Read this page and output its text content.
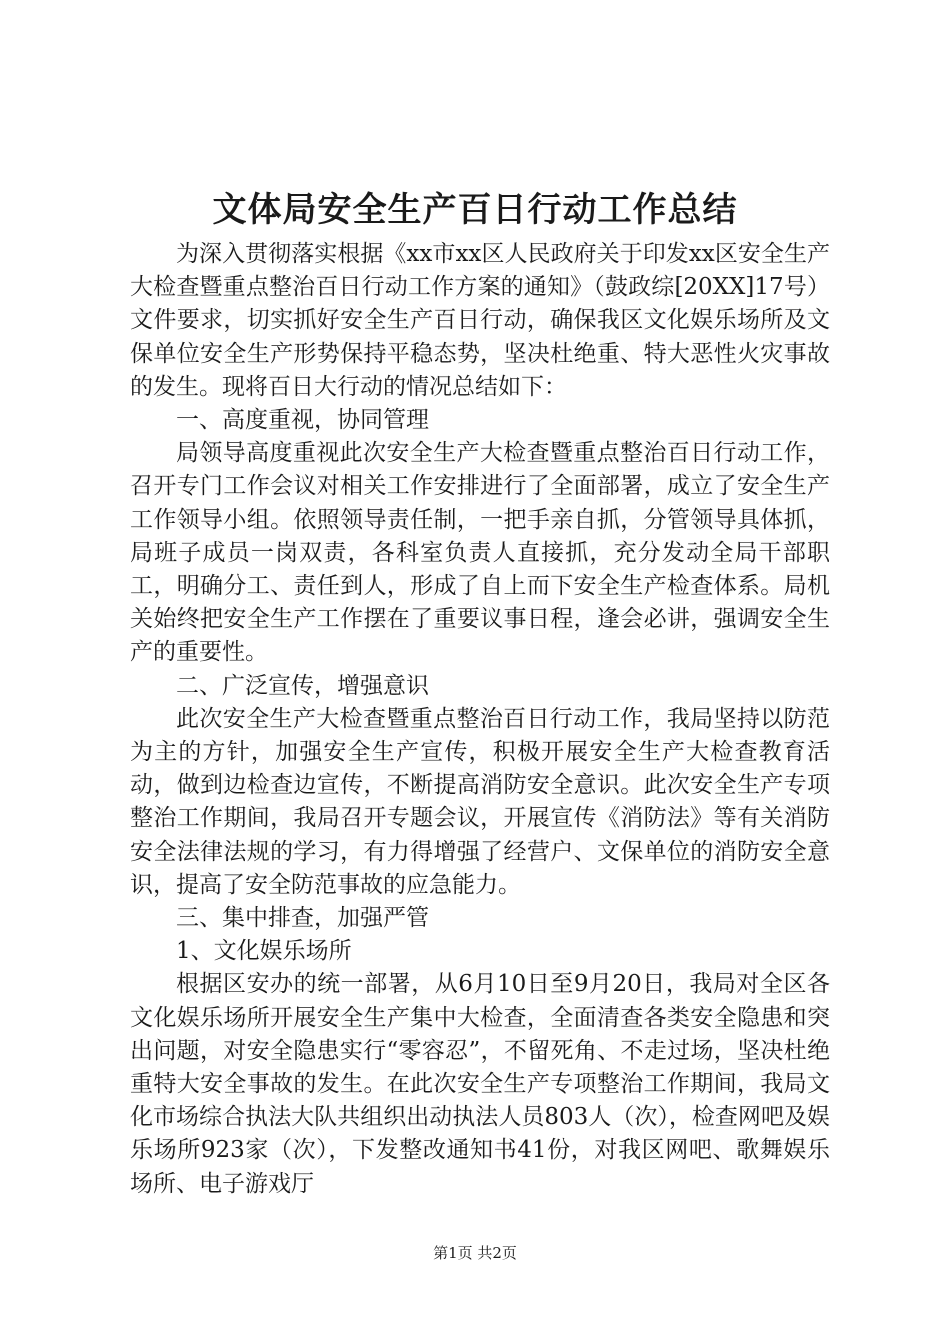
文体局安全生产百日行动工作总结

为深入贯彻落实根据《xx市xx区人民政府关于印发xx区安全生产大检查暨重点整治百日行动工作方案的通知》（鼓政综[20XX]17号）文件要求，切实抓好安全生产百日行动，确保我区文化娱乐场所及文保单位安全生产形势保持平稳态势，坚决杜绝重、特大恶性火灾事故的发生。现将百日大行动的情况总结如下：

一、高度重视，协同管理

局领导高度重视此次安全生产大检查暨重点整治百日行动工作，召开专门工作会议对相关工作安排进行了全面部署，成立了安全生产工作领导小组。依照领导责任制，一把手亲自抓，分管领导具体抓，局班子成员一岗双责，各科室负责人直接抓，充分发动全局干部职工，明确分工、责任到人，形成了自上而下安全生产检查体系。局机关始终把安全生产工作摆在了重要议事日程，逢会必讲，强调安全生产的重要性。

二、广泛宣传，增强意识

此次安全生产大检查暨重点整治百日行动工作，我局坚持以防范为主的方针，加强安全生产宣传，积极开展安全生产大检查教育活动，做到边检查边宣传，不断提高消防安全意识。此次安全生产专项整治工作期间，我局召开专题会议，开展宣传《消防法》等有关消防安全法律法规的学习，有力得增强了经营户、文保单位的消防安全意识，提高了安全防范事故的应急能力。

三、集中排查，加强严管

1、文化娱乐场所

根据区安办的统一部署，从6月10日至9月20日，我局对全区各文化娱乐场所开展安全生产集中大检查，全面清查各类安全隐患和突出问题，对安全隐患实行“零容忍”，不留死角、不走过场，坚决杜绝重特大安全事故的发生。在此次安全生产专项整治工作期间，我局文化市场综合执法大队共组织出动执法人员803人（次），检查网吧及娱乐场所923家（次），下发整改通知书41份，对我区网吧、歌舞娱乐场所、电子游戏厅

第1页 共2页
